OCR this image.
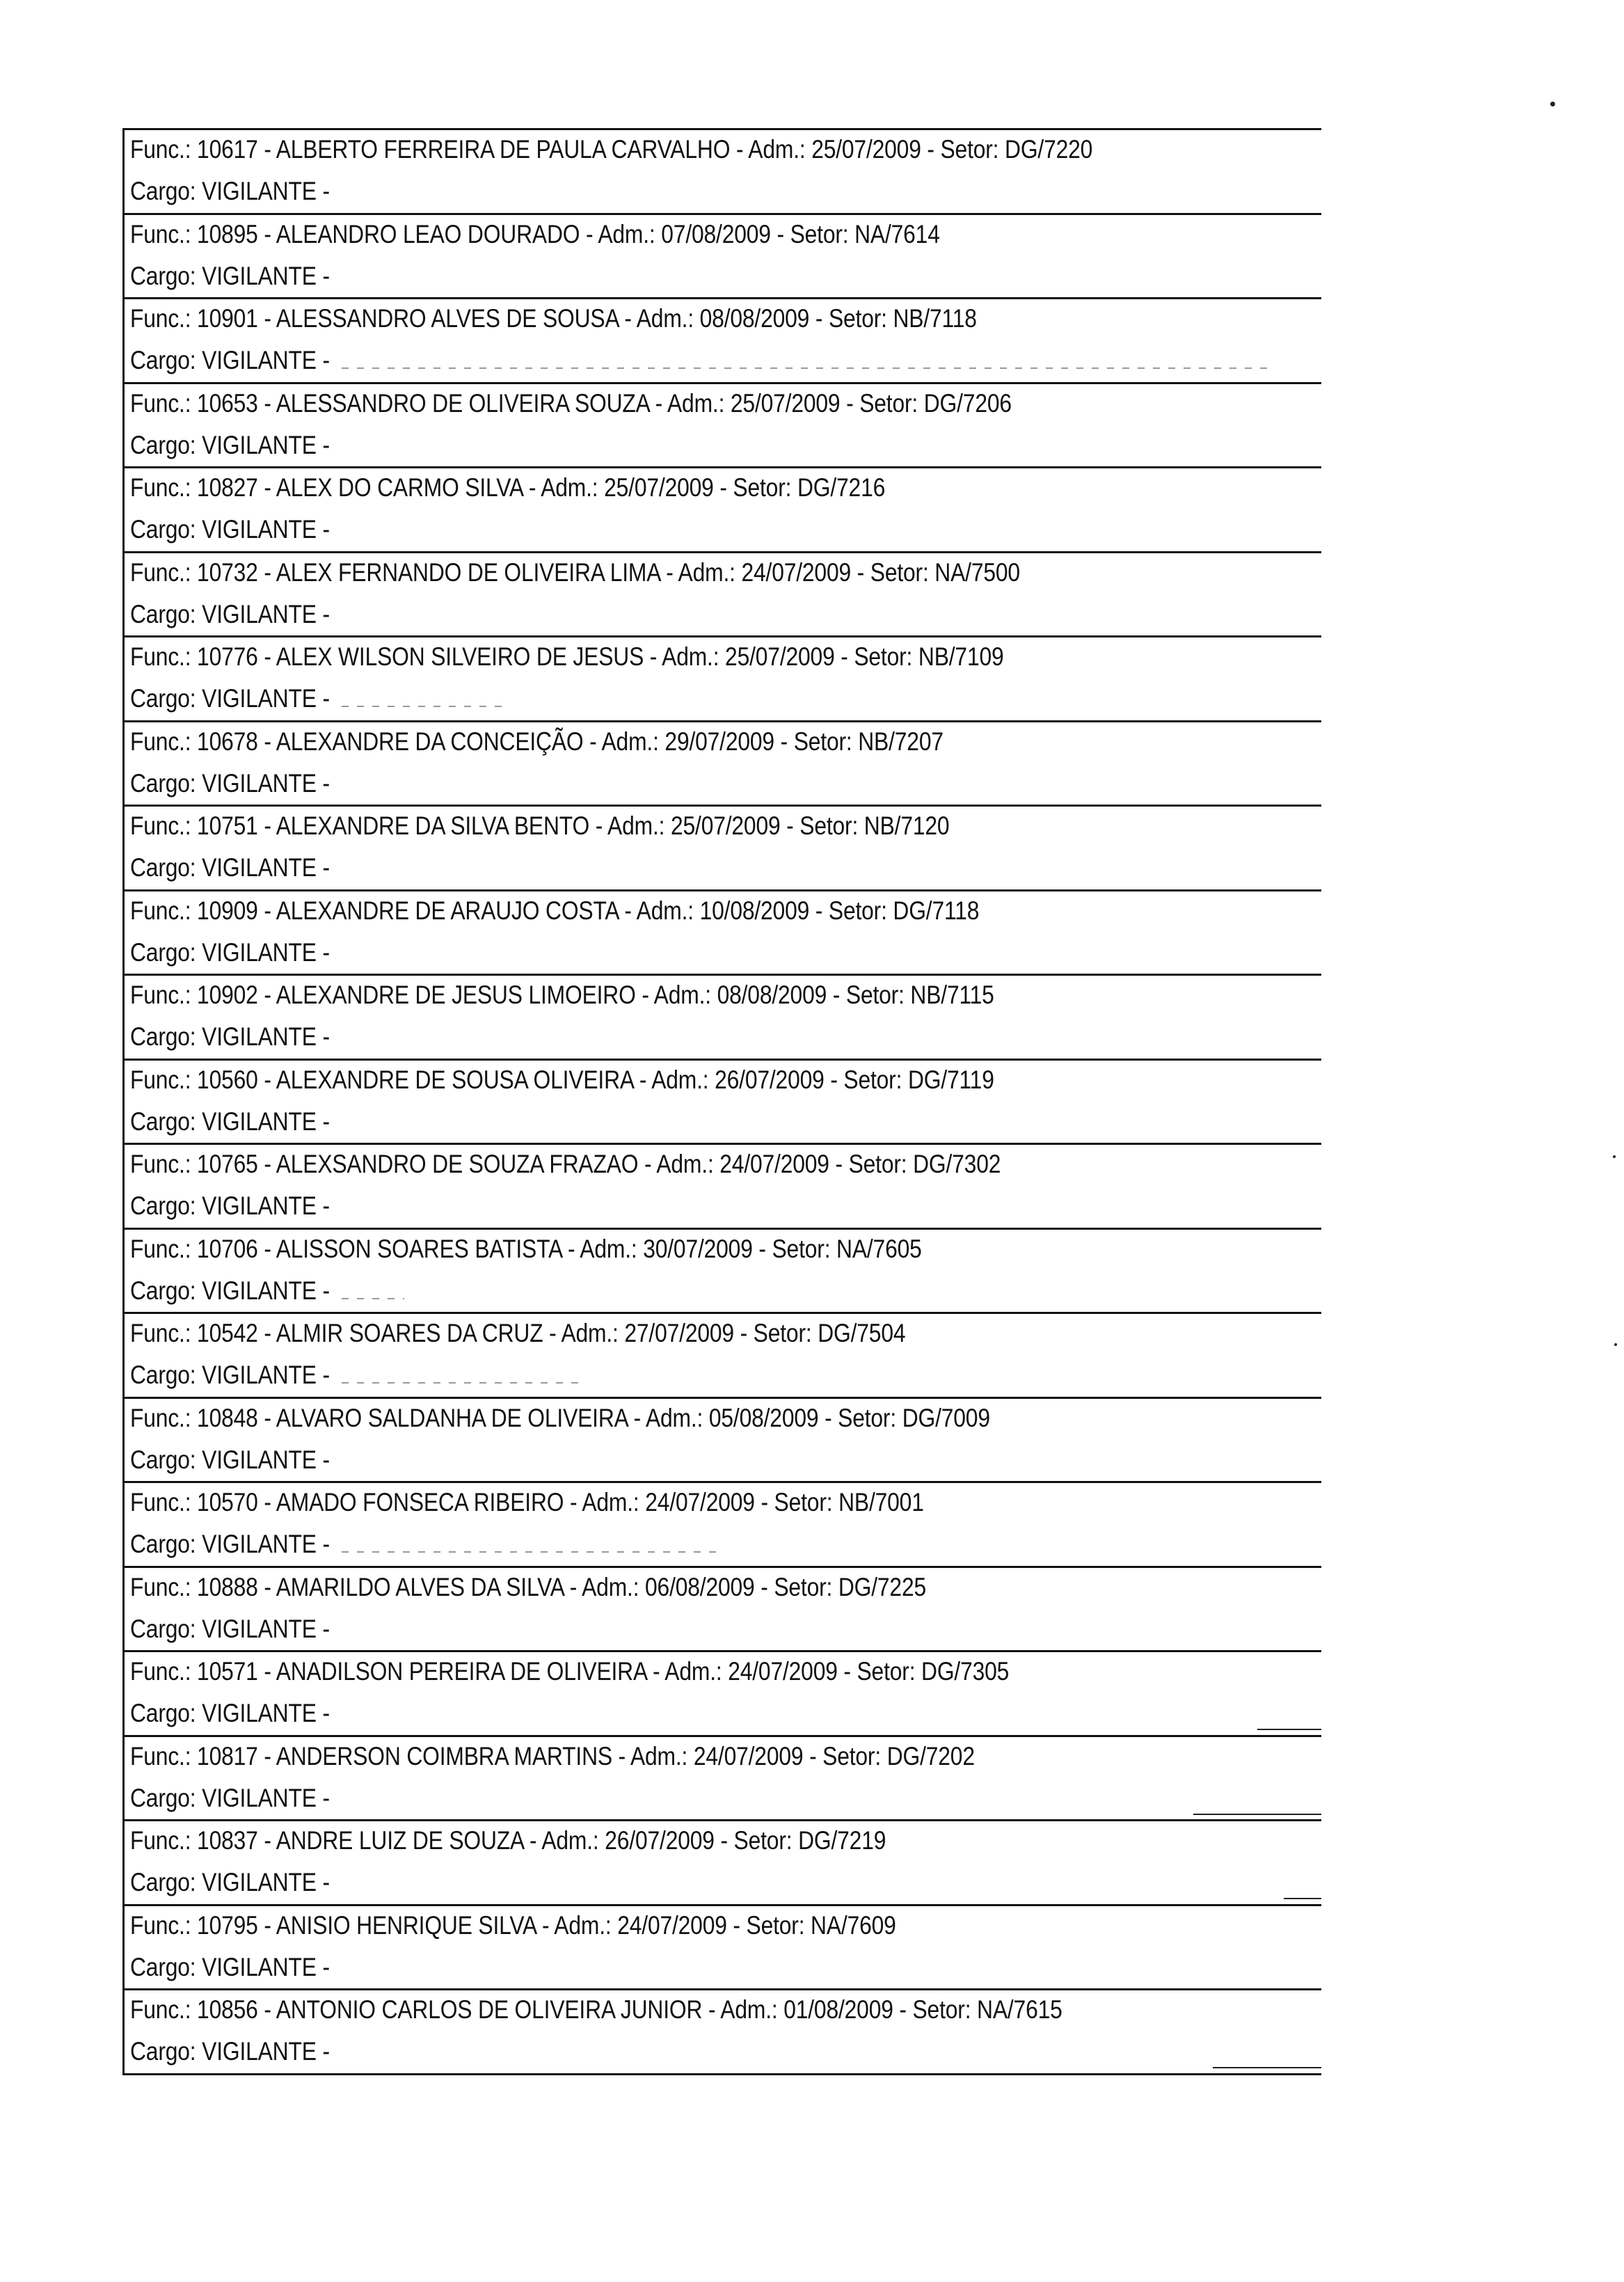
Func.: 10617 - ALBERTO FERREIRA DE PAULA CARVALHO - Adm.: 25/07/2009 - Setor: DG/7220
Cargo: VIGILANTE -
Func.: 10895 - ALEANDRO LEAO DOURADO - Adm.: 07/08/2009 - Setor: NA/7614
Cargo: VIGILANTE -
Func.: 10901 - ALESSANDRO ALVES DE SOUSA - Adm.: 08/08/2009 - Setor: NB/7118
Cargo: VIGILANTE -
Func.: 10653 - ALESSANDRO DE OLIVEIRA SOUZA - Adm.: 25/07/2009 - Setor: DG/7206
Cargo: VIGILANTE -
Func.: 10827 - ALEX DO CARMO SILVA - Adm.: 25/07/2009 - Setor: DG/7216
Cargo: VIGILANTE -
Func.: 10732 - ALEX FERNANDO DE OLIVEIRA LIMA - Adm.: 24/07/2009 - Setor: NA/7500
Cargo: VIGILANTE -
Func.: 10776 - ALEX WILSON SILVEIRO DE JESUS - Adm.: 25/07/2009 - Setor: NB/7109
Cargo: VIGILANTE -
Func.: 10678 - ALEXANDRE DA CONCEIÇÃO - Adm.: 29/07/2009 - Setor: NB/7207
Cargo: VIGILANTE -
Func.: 10751 - ALEXANDRE DA SILVA BENTO - Adm.: 25/07/2009 - Setor: NB/7120
Cargo: VIGILANTE -
Func.: 10909 - ALEXANDRE DE ARAUJO COSTA - Adm.: 10/08/2009 - Setor: DG/7118
Cargo: VIGILANTE -
Func.: 10902 - ALEXANDRE DE JESUS LIMOEIRO - Adm.: 08/08/2009 - Setor: NB/7115
Cargo: VIGILANTE -
Func.: 10560 - ALEXANDRE DE SOUSA OLIVEIRA - Adm.: 26/07/2009 - Setor: DG/7119
Cargo: VIGILANTE -
Func.: 10765 - ALEXSANDRO DE SOUZA FRAZAO - Adm.: 24/07/2009 - Setor: DG/7302
Cargo: VIGILANTE -
Func.: 10706 - ALISSON SOARES BATISTA - Adm.: 30/07/2009 - Setor: NA/7605
Cargo: VIGILANTE -
Func.: 10542 - ALMIR SOARES DA CRUZ - Adm.: 27/07/2009 - Setor: DG/7504
Cargo: VIGILANTE -
Func.: 10848 - ALVARO SALDANHA DE OLIVEIRA - Adm.: 05/08/2009 - Setor: DG/7009
Cargo: VIGILANTE -
Func.: 10570 - AMADO FONSECA RIBEIRO - Adm.: 24/07/2009 - Setor: NB/7001
Cargo: VIGILANTE -
Func.: 10888 - AMARILDO ALVES DA SILVA - Adm.: 06/08/2009 - Setor: DG/7225
Cargo: VIGILANTE -
Func.: 10571 - ANADILSON PEREIRA DE OLIVEIRA - Adm.: 24/07/2009 - Setor: DG/7305
Cargo: VIGILANTE -
Func.: 10817 - ANDERSON COIMBRA MARTINS - Adm.: 24/07/2009 - Setor: DG/7202
Cargo: VIGILANTE -
Func.: 10837 - ANDRE LUIZ DE SOUZA - Adm.: 26/07/2009 - Setor: DG/7219
Cargo: VIGILANTE -
Func.: 10795 - ANISIO HENRIQUE SILVA - Adm.: 24/07/2009 - Setor: NA/7609
Cargo: VIGILANTE -
Func.: 10856 - ANTONIO CARLOS DE OLIVEIRA JUNIOR - Adm.: 01/08/2009 - Setor: NA/7615
Cargo: VIGILANTE -
